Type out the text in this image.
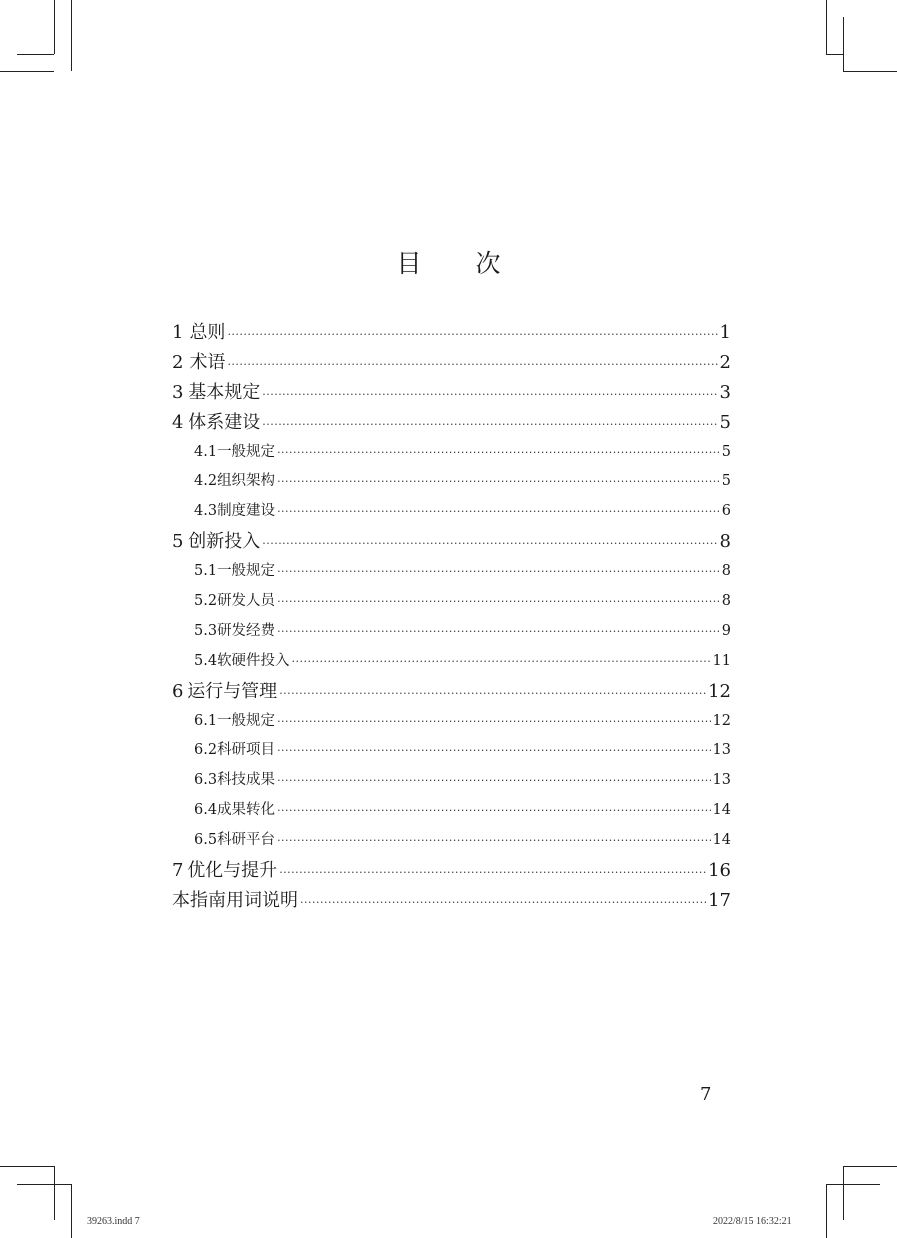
目 次
1 总则 ·····	1
2 术语 ·····	2
3 基本规定 ·····	3
4 体系建设 ·····	5
4.1 一般规定 ·····	5
4.2 组织架构 ·····	5
4.3 制度建设 ·····	6
5 创新投入 ·····	8
5.1 一般规定 ·····	8
5.2 研发人员 ·····	8
5.3 研发经费 ·····	9
5.4 软硬件投入 ·····	11
6 运行与管理 ·····	12
6.1 一般规定 ·····	12
6.2 科研项目 ·····	13
6.3 科技成果 ·····	13
6.4 成果转化 ·····	14
6.5 科研平台 ·····	14
7 优化与提升 ·····	16
本指南用词说明 ·····	17
7
39263.indd 7	2022/8/15 16:32:21
